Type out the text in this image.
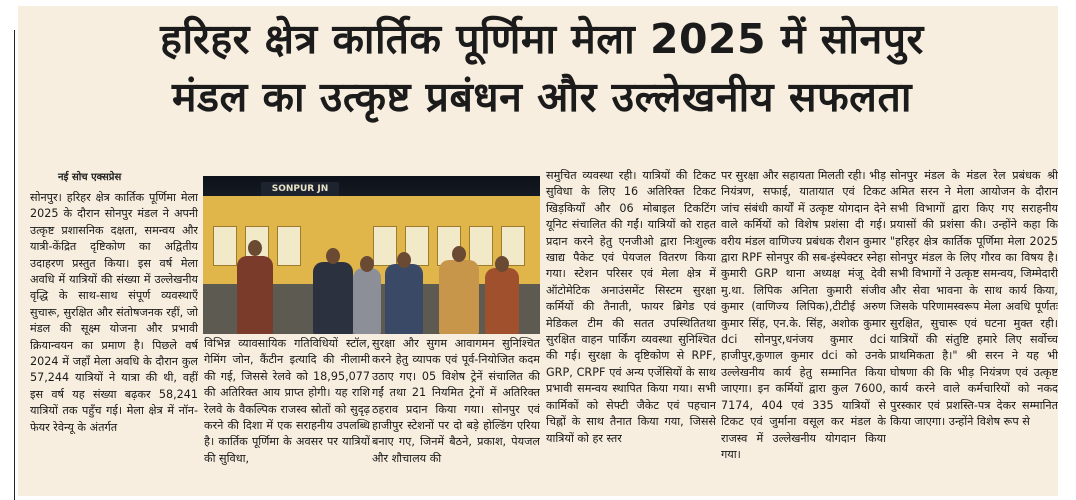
हरिहर क्षेत्र कार्तिक पूर्णिमा मेला 2025 में सोनपुर
मंडल का उत्कृष्ट प्रबंधन और उल्लेखनीय सफलता
नई सोच एक्सप्रेस
सोनपुर। हरिहर क्षेत्र कार्तिक पूर्णिमा मेला 2025 के दौरान सोनपुर मंडल ने अपनी उत्कृष्ट प्रशासनिक दक्षता, समन्वय और यात्री-केंद्रित दृष्टिकोण का अद्वितीय उदाहरण प्रस्तुत किया। इस वर्ष मेला अवधि में यात्रियों की संख्या में उल्लेखनीय वृद्धि के साथ-साथ संपूर्ण व्यवस्थाएँ सुचारू, सुरक्षित और संतोषजनक रहीं, जो मंडल की सूक्ष्म योजना और प्रभावी क्रियान्वयन का प्रमाण है। पिछले वर्ष 2024 में जहाँ मेला अवधि के दौरान कुल 57,244 यात्रियों ने यात्रा की थी, वहीं इस वर्ष यह संख्या बढ़कर 58,241 यात्रियों तक पहुँच गई। मेला क्षेत्र में नॉन-फेयर रेवेन्यू के अंतर्गत
SONPUR JN
विभिन्न व्यावसायिक गतिविधियों स्टॉल, गेमिंग जोन, कैंटीन इत्यादि की नीलामी की गई, जिससे रेलवे को 18,95,077 की अतिरिक्त आय प्राप्त होगी। यह राशि रेलवे के वैकल्पिक राजस्व स्रोतों को सुदृढ़ करने की दिशा में एक सराहनीय उपलब्धि है। कार्तिक पूर्णिमा के अवसर पर यात्रियों की सुविधा,
सुरक्षा और सुगम आवागमन सुनिश्चित करने हेतु व्यापक एवं पूर्व-नियोजित कदम उठाए गए। 05 विशेष ट्रेनें संचालित की गईं तथा 21 नियमित ट्रेनों में अतिरिक्त ठहराव प्रदान किया गया। सोनपुर एवं हाजीपुर स्टेशनों पर दो बड़े होल्डिंग एरिया बनाए गए, जिनमें बैठने, प्रकाश, पेयजल और शौचालय की
समुचित व्यवस्था रही। यात्रियों की टिकट सुविधा के लिए 16 अतिरिक्त टिकट खिड़कियाँ और 06 मोबाइल टिकटिंग यूनिट संचालित की गईं। यात्रियों को राहत प्रदान करने हेतु एनजीओ द्वारा निःशुल्क खाद्य पैकेट एवं पेयजल वितरण किया गया। स्टेशन परिसर एवं मेला क्षेत्र में ऑटोमेटिक अनाउंसमेंट सिस्टम सुरक्षा कर्मियों की तैनाती, फायर ब्रिगेड एवं मेडिकल टीम की सतत उपस्थितितथा सुरक्षित वाहन पार्किंग व्यवस्था सुनिश्चित की गई। सुरक्षा के दृष्टिकोण से RPF, GRP, CRPF एवं अन्य एजेंसियों के साथ प्रभावी समन्वय स्थापित किया गया। सभी कार्मिकों को सेफ्टी जैकेट एवं पहचान चिह्नों के साथ तैनात किया गया, जिससे यात्रियों को हर स्तर
पर सुरक्षा और सहायता मिलती रही। भीड़ नियंत्रण, सफाई, यातायात एवं टिकट जांच संबंधी कार्यों में उत्कृष्ट योगदान देने वाले कर्मियों को विशेष प्रशंसा दी गई। वरीय मंडल वाणिज्य प्रबंधक रौशन कुमार द्वारा RPF सोनपुर की सब-इंस्पेक्टर स्नेहा कुमारी GRP थाना अध्यक्ष मंजू देवी मु.था. लिपिक अनिता कुमारी संजीव कुमार (वाणिज्य लिपिक),टीटीई अरुण कुमार सिंह, एन.के. सिंह, अशोक कुमार dci सोनपुर,धनंजय कुमार dci हाजीपुर,कुणाल कुमार dci को उनके उल्लेखनीय कार्य हेतु सम्मानित किया जाएगा। इन कर्मियों द्वारा कुल 7600, 7174, 404 एवं 335 यात्रियों से टिकट एवं जुर्माना वसूल कर मंडल के राजस्व में उल्लेखनीय योगदान किया गया।
सोनपुर मंडल के मंडल रेल प्रबंधक श्री अमित सरन ने मेला आयोजन के दौरान सभी विभागों द्वारा किए गए सराहनीय प्रयासों की प्रशंसा की। उन्होंने कहा कि "हरिहर क्षेत्र कार्तिक पूर्णिमा मेला 2025 सोनपुर मंडल के लिए गौरव का विषय है। सभी विभागों ने उत्कृष्ट समन्वय, जिम्मेदारी और सेवा भावना के साथ कार्य किया, जिसके परिणामस्वरूप मेला अवधि पूर्णतः सुरक्षित, सुचारू एवं घटना मुक्त रही। यात्रियों की संतुष्टि हमारे लिए सर्वोच्च प्राथमिकता है।" श्री सरन ने यह भी घोषणा की कि भीड़ नियंत्रण एवं उत्कृष्ट कार्य करने वाले कर्मचारियों को नकद पुरस्कार एवं प्रशस्ति-पत्र देकर सम्मानित किया जाएगा। उन्होंने विशेष रूप से
